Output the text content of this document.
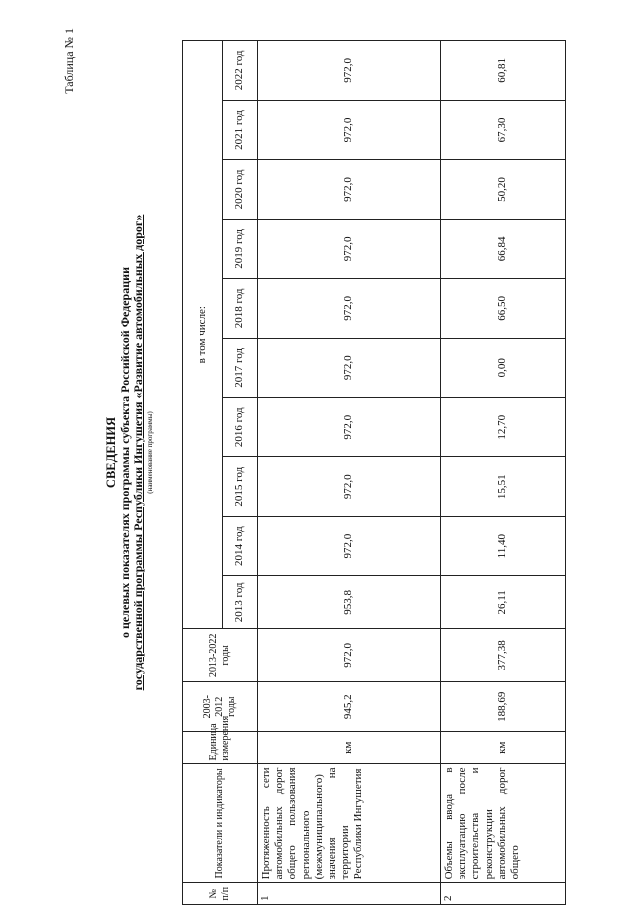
Таблица № 1
СВЕДЕНИЯ о целевых показателях программы субъекта Российской Федерации государственной программы Республики Ингушетия «Развитие автомобильных дорог» (наименование программы)
№ п/п	Показатели и индикаторы	Единица измерения	2003-2012 годы	2013-2022 годы	в том числе:									
					2013 год	2014 год	2015 год	2016 год	2017 год	2018 год	2019 год	2020 год	2021 год	2022 год
1	Протяженность сети автомобильных дорог общего пользования регионального (межмуниципального) значения на территории Республики Ингушетия	км	945,2	972,0	953,8	972,0	972,0	972,0	972,0	972,0	972,0	972,0	972,0	972,0
2	Объемы ввода в эксплуатацию после строительства и реконструкции автомобильных дорог общего	км	188,69	377,38	26,11	11,40	15,51	12,70	0,00	66,50	66,84	50,20	67,30	60,81
